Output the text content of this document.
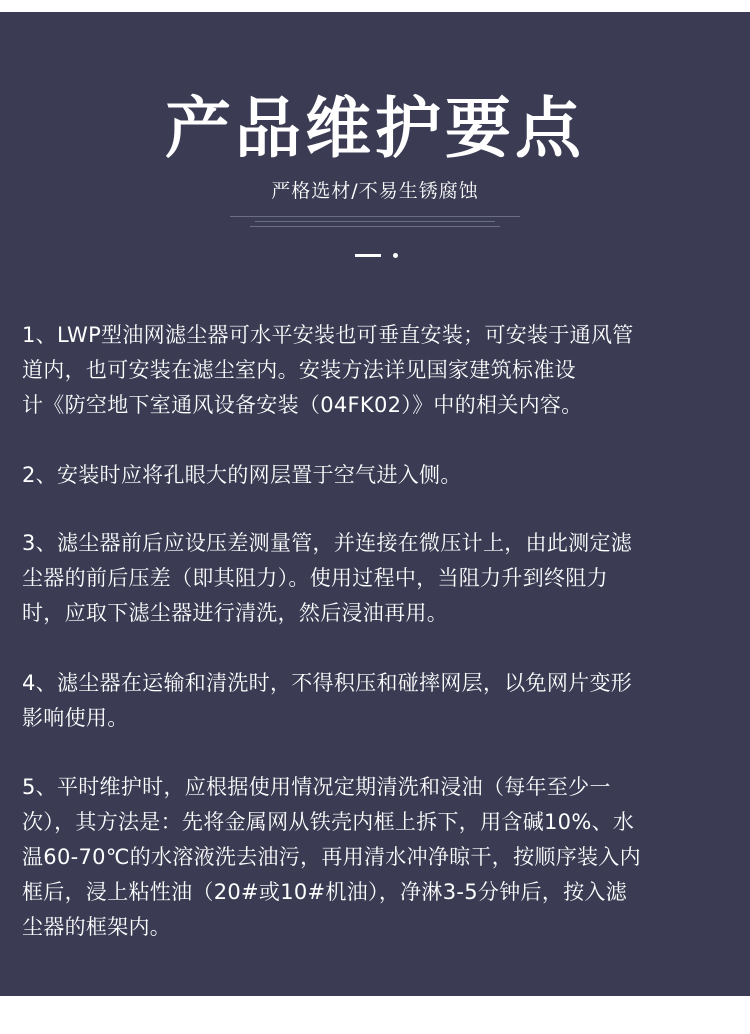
产品维护要点
严格选材/不易生锈腐蚀
1、LWP型油网滤尘器可水平安装也可垂直安装；可安装于通风管
道内，也可安装在滤尘室内。安装方法详见国家建筑标准设
计《防空地下室通风设备安装（04FK02）》中的相关内容。
2、安装时应将孔眼大的网层置于空气进入侧。
3、滤尘器前后应设压差测量管，并连接在微压计上，由此测定滤
尘器的前后压差（即其阻力）。使用过程中，当阻力升到终阻力
时，应取下滤尘器进行清洗，然后浸油再用。
4、滤尘器在运输和清洗时，不得积压和碰摔网层，以免网片变形
影响使用。
5、平时维护时，应根据使用情况定期清洗和浸油（每年至少一
次），其方法是：先将金属网从铁壳内框上拆下，用含碱10%、水
温60-70℃的水溶液洗去油污，再用清水冲净晾干，按顺序装入内
框后，浸上粘性油（20#或10#机油），净淋3-5分钟后，按入滤
尘器的框架内。
